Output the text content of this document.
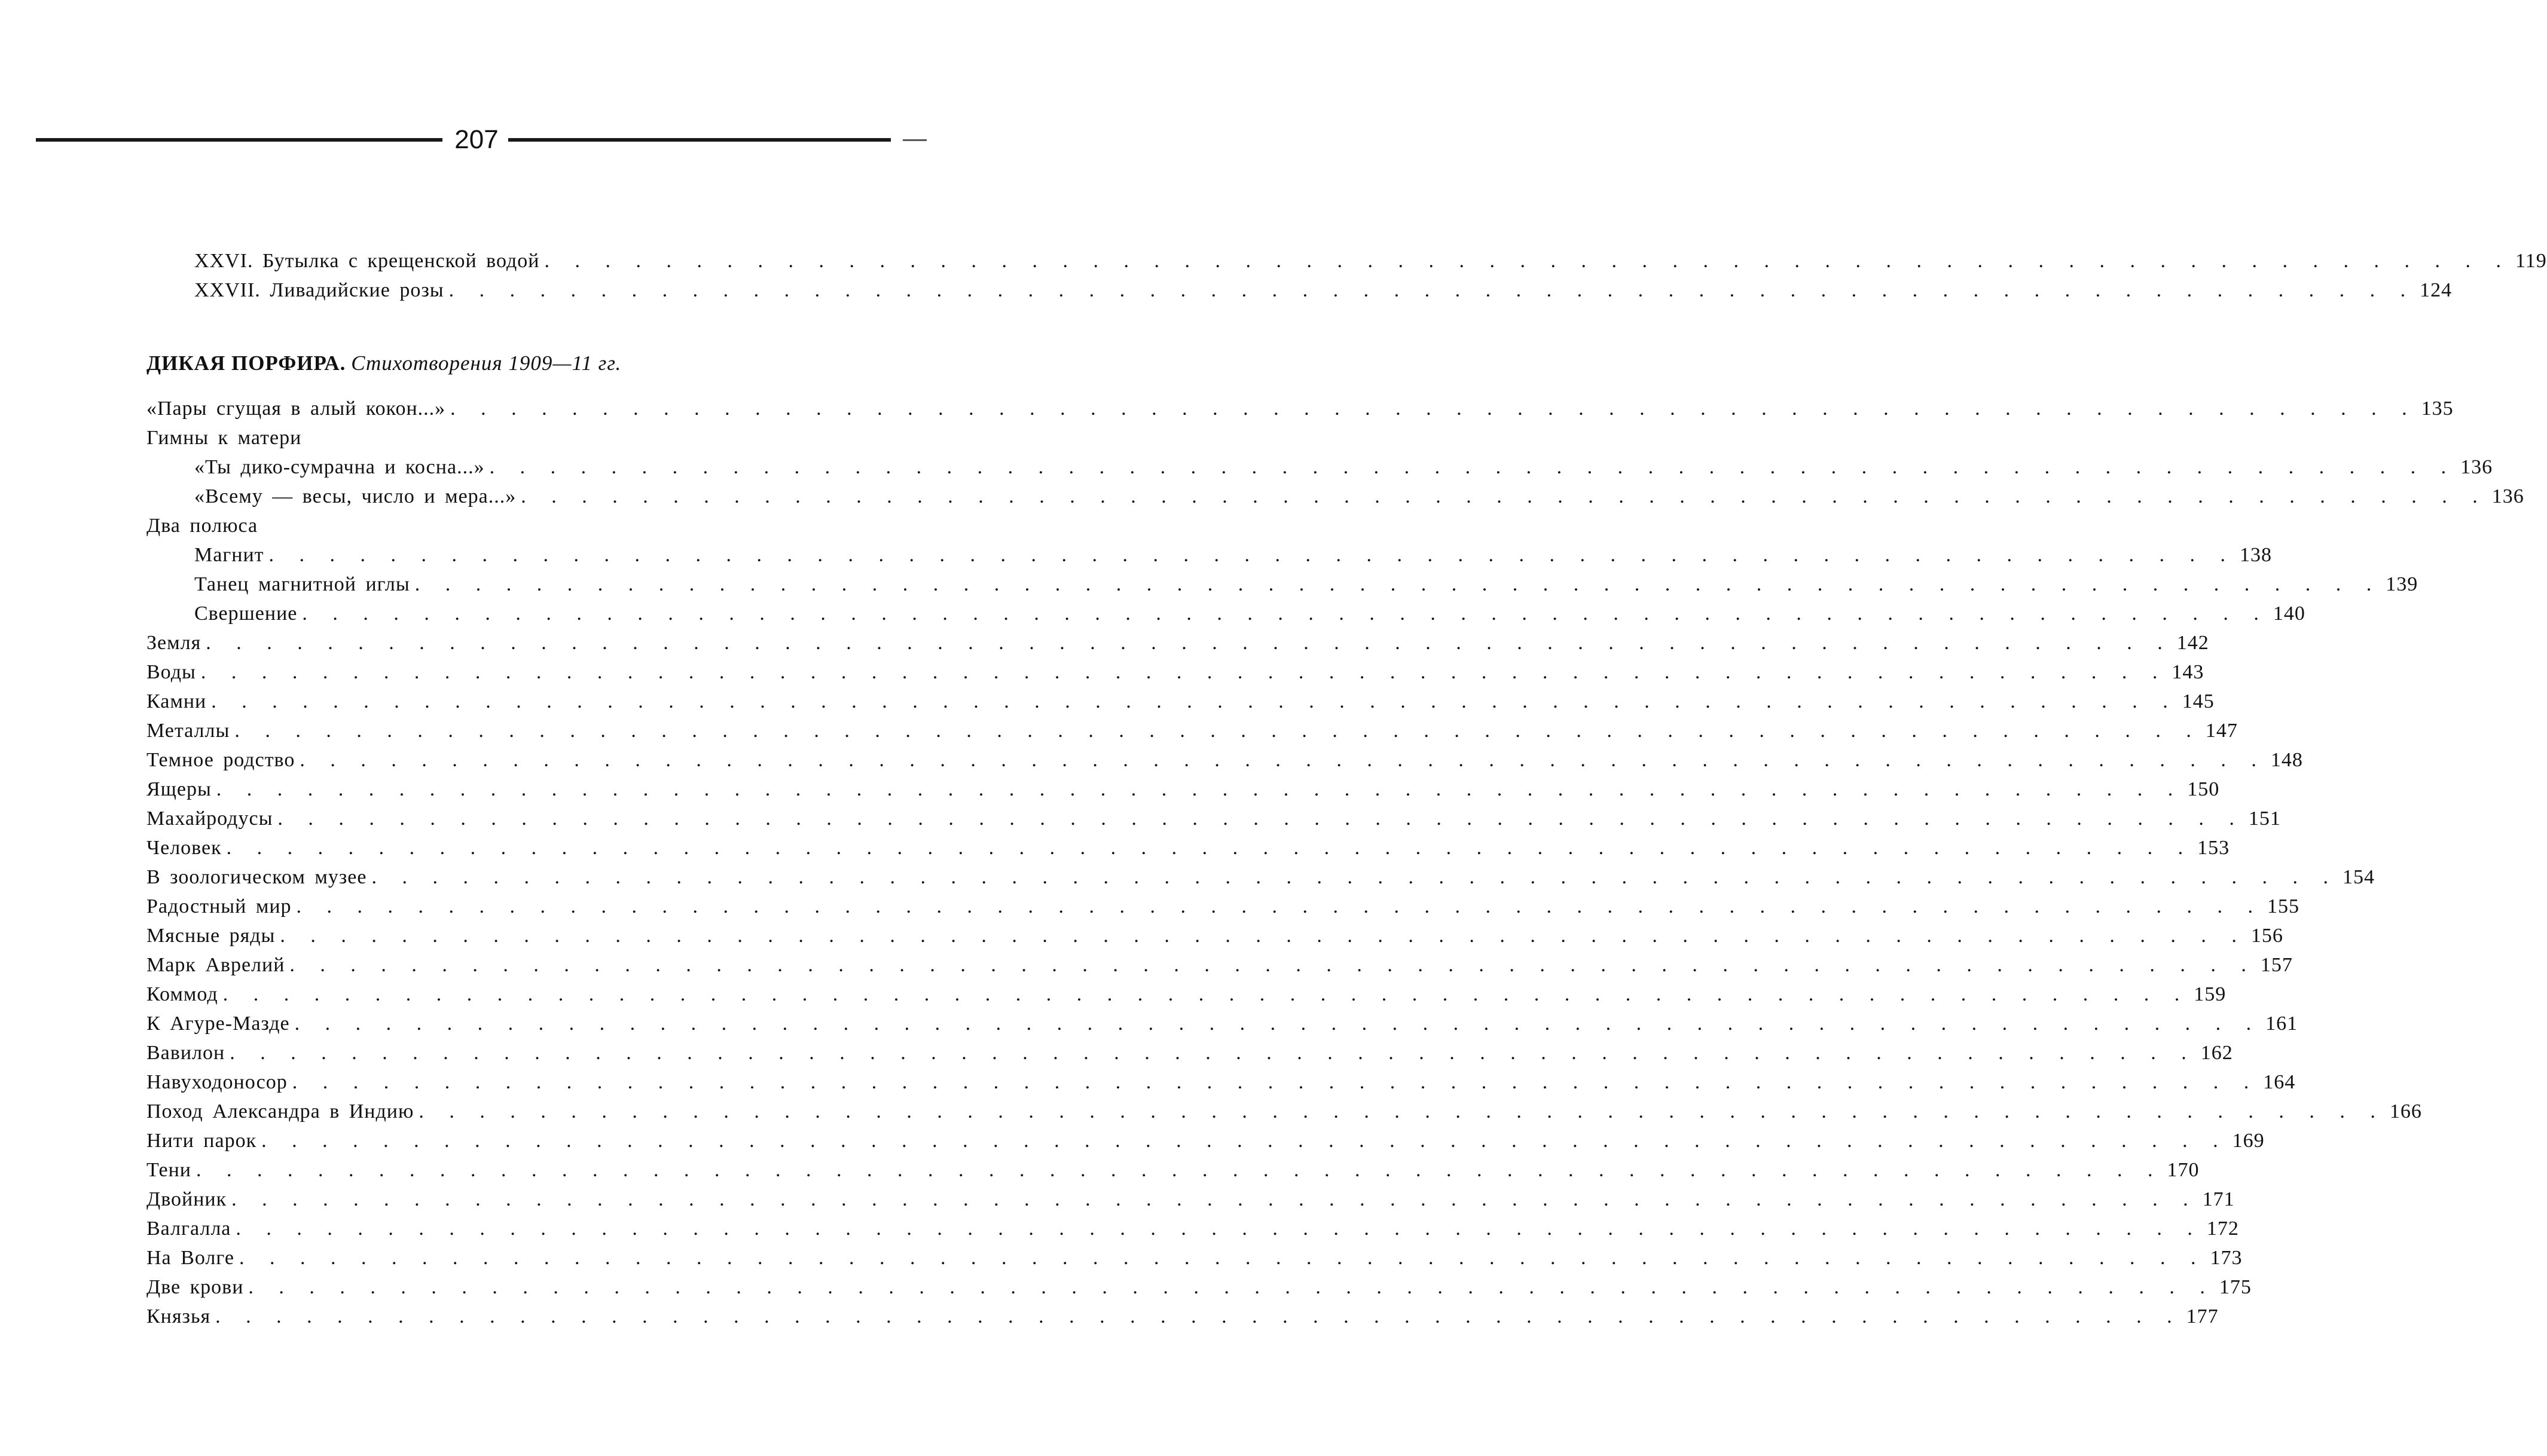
207
XXVI. Бутылка с крещенской водой . . . . . . . . . . . . . . . . . . . . . . . . . . . . . . . . . . . . . . . . . . . . . . . . . . . . . . . . . . . . . . . . . 119
XXVII. Ливадийские розы . . . . . . . . . . . . . . . . . . . . . . . . . . . . . . . . . . . . . . . . . . . . . . . . . . . . . . . . . . . . . . . . . 124
ДИКАЯ ПОРФИРА. Стихотворения 1909—11 гг.
«Пары сгущая в алый кокон...» . . . . . . . . . . . . . . . . . . . . . . . . . . . . . . . . . . . . . . . . . . . . . . . . . . . . . . . . . . . . . . . . . 135
Гимны к матери
«Ты дико-сумрачна и косна...» . . . . . . . . . . . . . . . . . . . . . . . . . . . . . . . . . . . . . . . . . . . . . . . . . . . . . . . . . . . . . . . . . 136
«Всему — весы, число и мера...» . . . . . . . . . . . . . . . . . . . . . . . . . . . . . . . . . . . . . . . . . . . . . . . . . . . . . . . . . . . . . . . . . 136
Два полюса
Магнит . . . . . . . . . . . . . . . . . . . . . . . . . . . . . . . . . . . . . . . . . . . . . . . . . . . . . . . . . . . . . . . . . 138
Танец магнитной иглы . . . . . . . . . . . . . . . . . . . . . . . . . . . . . . . . . . . . . . . . . . . . . . . . . . . . . . . . . . . . . . . . . 139
Свершение . . . . . . . . . . . . . . . . . . . . . . . . . . . . . . . . . . . . . . . . . . . . . . . . . . . . . . . . . . . . . . . . . 140
Земля . . . . . . . . . . . . . . . . . . . . . . . . . . . . . . . . . . . . . . . . . . . . . . . . . . . . . . . . . . . . . . . . . 142
Воды . . . . . . . . . . . . . . . . . . . . . . . . . . . . . . . . . . . . . . . . . . . . . . . . . . . . . . . . . . . . . . . . . 143
Камни . . . . . . . . . . . . . . . . . . . . . . . . . . . . . . . . . . . . . . . . . . . . . . . . . . . . . . . . . . . . . . . . . 145
Металлы . . . . . . . . . . . . . . . . . . . . . . . . . . . . . . . . . . . . . . . . . . . . . . . . . . . . . . . . . . . . . . . . . 147
Темное родство . . . . . . . . . . . . . . . . . . . . . . . . . . . . . . . . . . . . . . . . . . . . . . . . . . . . . . . . . . . . . . . . . 148
Ящеры . . . . . . . . . . . . . . . . . . . . . . . . . . . . . . . . . . . . . . . . . . . . . . . . . . . . . . . . . . . . . . . . . 150
Махайродусы . . . . . . . . . . . . . . . . . . . . . . . . . . . . . . . . . . . . . . . . . . . . . . . . . . . . . . . . . . . . . . . . . 151
Человек . . . . . . . . . . . . . . . . . . . . . . . . . . . . . . . . . . . . . . . . . . . . . . . . . . . . . . . . . . . . . . . . . 153
В зоологическом музее . . . . . . . . . . . . . . . . . . . . . . . . . . . . . . . . . . . . . . . . . . . . . . . . . . . . . . . . . . . . . . . . . 154
Радостный мир . . . . . . . . . . . . . . . . . . . . . . . . . . . . . . . . . . . . . . . . . . . . . . . . . . . . . . . . . . . . . . . . . 155
Мясные ряды . . . . . . . . . . . . . . . . . . . . . . . . . . . . . . . . . . . . . . . . . . . . . . . . . . . . . . . . . . . . . . . . . 156
Марк Аврелий . . . . . . . . . . . . . . . . . . . . . . . . . . . . . . . . . . . . . . . . . . . . . . . . . . . . . . . . . . . . . . . . . 157
Коммод . . . . . . . . . . . . . . . . . . . . . . . . . . . . . . . . . . . . . . . . . . . . . . . . . . . . . . . . . . . . . . . . . 159
К Агуре-Мазде . . . . . . . . . . . . . . . . . . . . . . . . . . . . . . . . . . . . . . . . . . . . . . . . . . . . . . . . . . . . . . . . . 161
Вавилон . . . . . . . . . . . . . . . . . . . . . . . . . . . . . . . . . . . . . . . . . . . . . . . . . . . . . . . . . . . . . . . . . 162
Навуходоносор . . . . . . . . . . . . . . . . . . . . . . . . . . . . . . . . . . . . . . . . . . . . . . . . . . . . . . . . . . . . . . . . . 164
Поход Александра в Индию . . . . . . . . . . . . . . . . . . . . . . . . . . . . . . . . . . . . . . . . . . . . . . . . . . . . . . . . . . . . . . . . . 166
Нити парок . . . . . . . . . . . . . . . . . . . . . . . . . . . . . . . . . . . . . . . . . . . . . . . . . . . . . . . . . . . . . . . . . 169
Тени . . . . . . . . . . . . . . . . . . . . . . . . . . . . . . . . . . . . . . . . . . . . . . . . . . . . . . . . . . . . . . . . . 170
Двойник . . . . . . . . . . . . . . . . . . . . . . . . . . . . . . . . . . . . . . . . . . . . . . . . . . . . . . . . . . . . . . . . . 171
Валгалла . . . . . . . . . . . . . . . . . . . . . . . . . . . . . . . . . . . . . . . . . . . . . . . . . . . . . . . . . . . . . . . . . 172
На Волге . . . . . . . . . . . . . . . . . . . . . . . . . . . . . . . . . . . . . . . . . . . . . . . . . . . . . . . . . . . . . . . . . 173
Две крови . . . . . . . . . . . . . . . . . . . . . . . . . . . . . . . . . . . . . . . . . . . . . . . . . . . . . . . . . . . . . . . . . 175
Князья . . . . . . . . . . . . . . . . . . . . . . . . . . . . . . . . . . . . . . . . . . . . . . . . . . . . . . . . . . . . . . . . . 177
